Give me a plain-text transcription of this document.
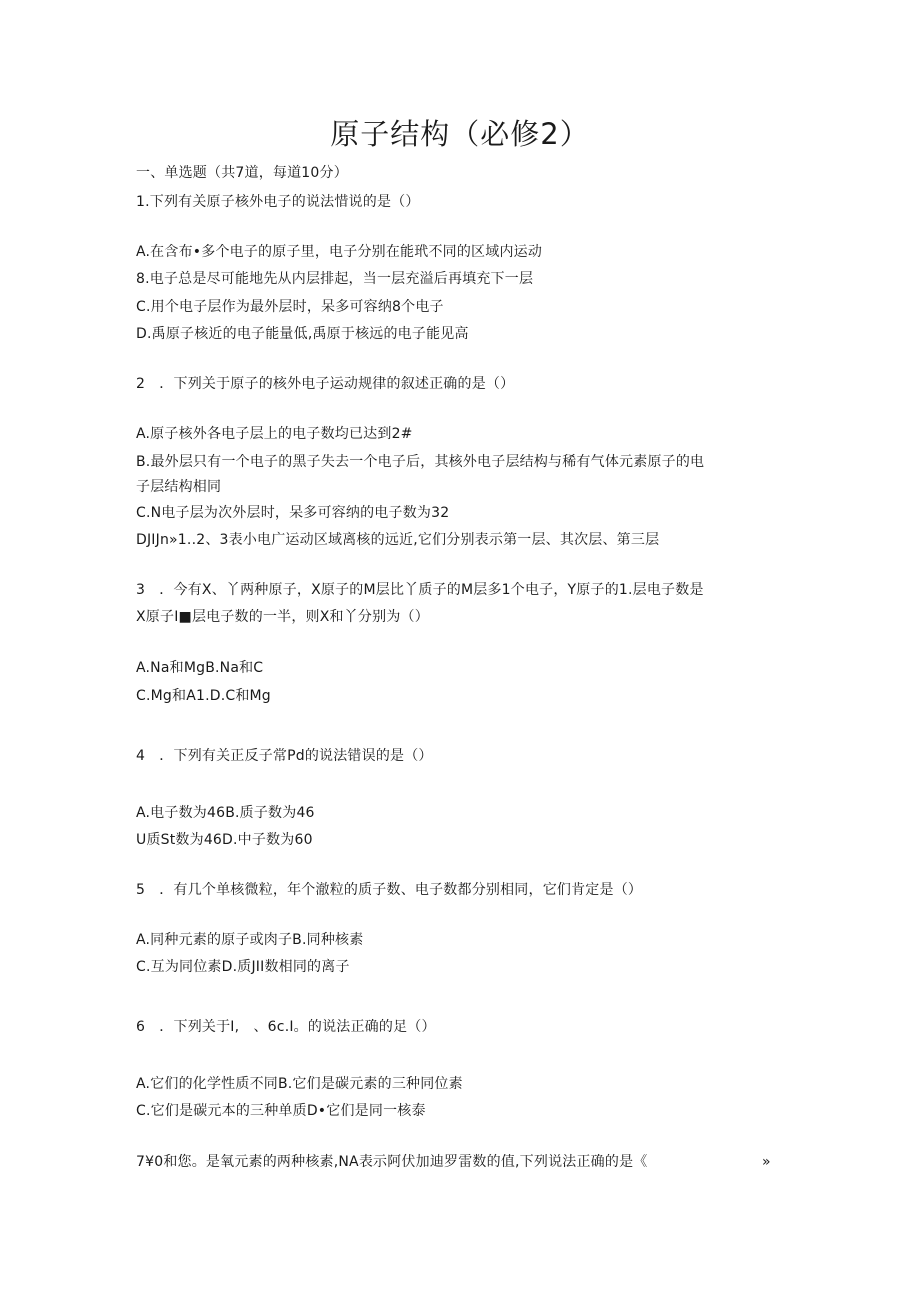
原子结构（必修2）
一、单选题（共7道，每道10分）
1.下列有关原子核外电子的说法惜说的是（）
A.在含布•多个电子的原子里，电子分别在能玳不同的区域内运动
8.电子总是尽可能地先从内层排起，当一层充溢后再填充下一层
C.用个电子层作为最外层时，呆多可容纳8个电子
D.禹原子核近的电子能量低,禹原于核远的电子能见高
2　．下列关于原子的核外电子运动规律的叙述正确的是（）
A.原子核外各电子层上的电子数均已达到2#
B.最外层只有一个电子的黑子失去一个电子后，其核外电子层结构与稀有气体元素原子的电
子层结构相同
C.N电子层为次外层时，呆多可容纳的电子数为32
DJIJn»1..2、3表小电广运动区域离核的远近,它们分别表示第一层、其次层、第三层
3　．今有X、丫两种原子，X原子的M层比丫质子的M层多1个电子，Y原子的1.层电子数是
X原子I■层电子数的一半，则X和丫分别为（）
A.Na和MgB.Na和C
C.Mg和A1.D.C和Mg
4　．下列有关正反子常Pd的说法错误的是（）
A.电子数为46B.质子数为46
U质St数为46D.中子数为60
5　．有几个单核微粒，年个澈粒的质子数、电子数都分别相同，它们肯定是（）
A.同种元素的原子或肉子B.同种核素
C.互为同位素D.质JII数相同的离子
6　．下列关于I,　、6c.I。的说法正确的足（）
A.它们的化学性质不同B.它们是碳元素的三种同位素
C.它们是碳元本的三种单质D•它们是同一核泰
7¥0和您。是氧元素的两种核素,NA表示阿伏加迪罗雷数的值,下列说法正确的是《	»
